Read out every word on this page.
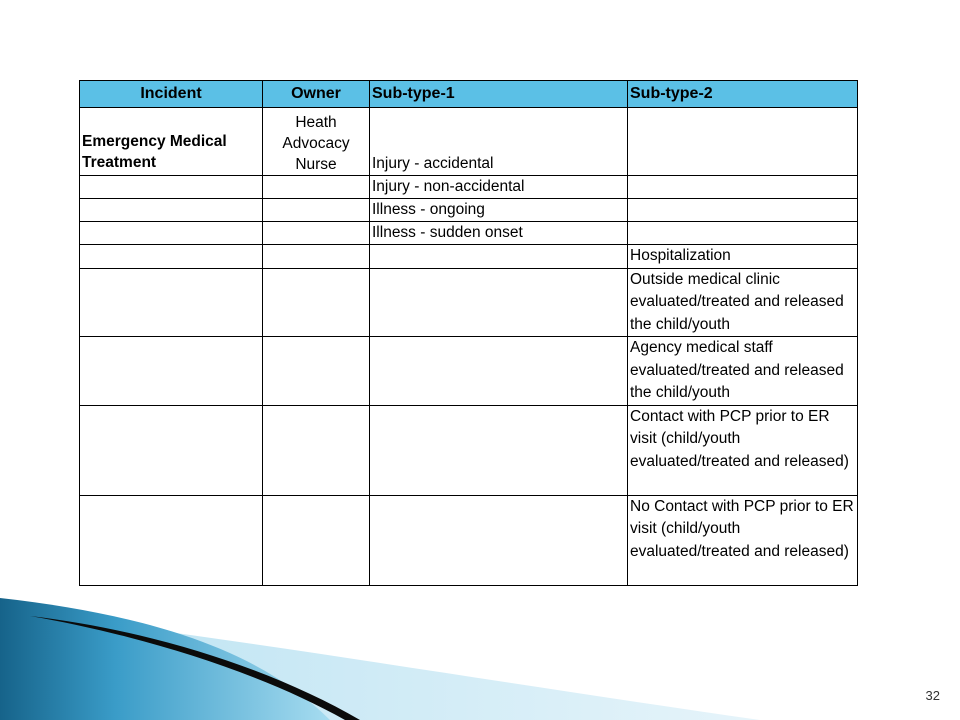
Incident	Owner	Sub-type-1	Sub-type-2
Emergency Medical Treatment	Heath Advocacy Nurse	Injury - accidental	
		Injury - non-accidental	
		Illness - ongoing	
		Illness - sudden onset	
			Hospitalization
			Outside medical clinic evaluated/treated and released the child/youth
			Agency medical staff evaluated/treated and released the child/youth
			Contact with PCP prior to ER visit (child/youth evaluated/treated and released)
			No Contact with PCP prior to ER visit (child/youth evaluated/treated and released)
32
